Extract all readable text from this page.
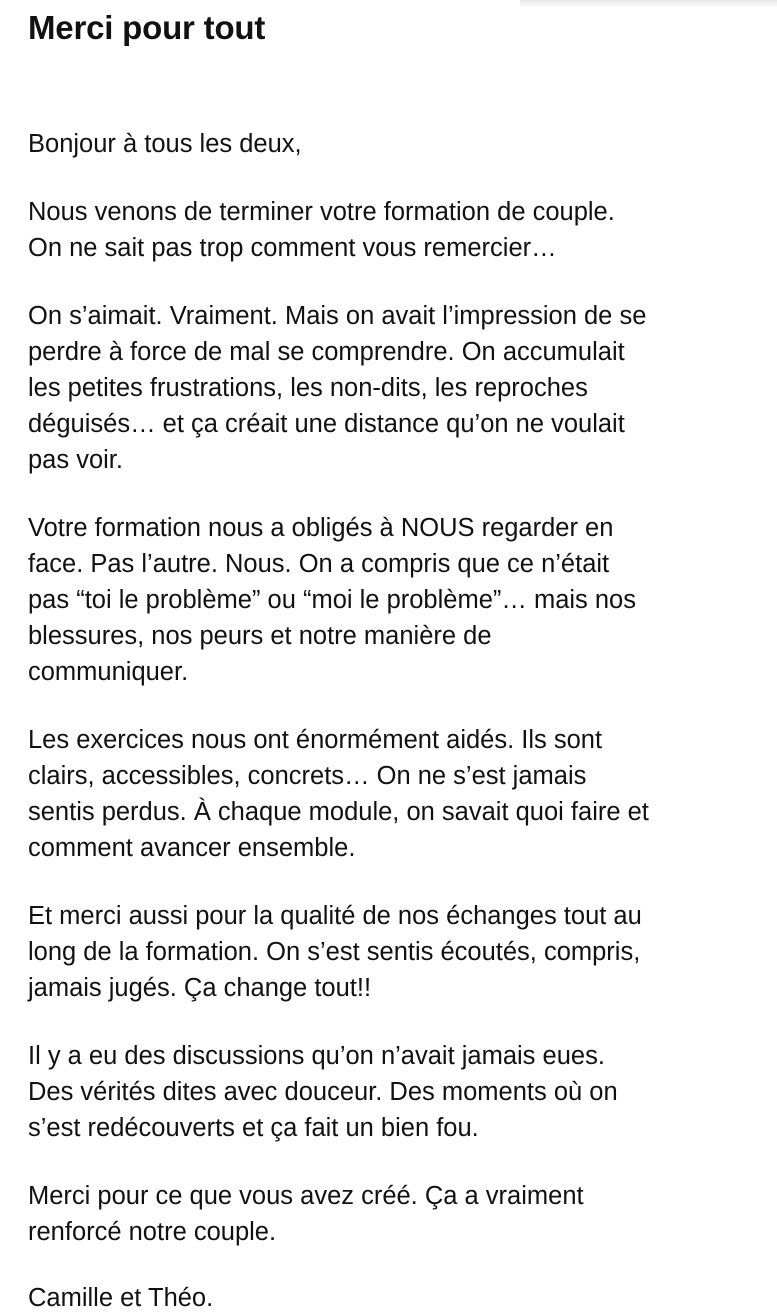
Merci pour tout

Bonjour à tous les deux,

Nous venons de terminer votre formation de couple.
On ne sait pas trop comment vous remercier…

On s’aimait. Vraiment. Mais on avait l’impression de se
perdre à force de mal se comprendre. On accumulait
les petites frustrations, les non-dits, les reproches
déguisés… et ça créait une distance qu’on ne voulait
pas voir.

Votre formation nous a obligés à NOUS regarder en
face. Pas l’autre. Nous. On a compris que ce n’était
pas “toi le problème” ou “moi le problème”… mais nos
blessures, nos peurs et notre manière de
communiquer.

Les exercices nous ont énormément aidés. Ils sont
clairs, accessibles, concrets… On ne s’est jamais
sentis perdus. À chaque module, on savait quoi faire et
comment avancer ensemble.

Et merci aussi pour la qualité de nos échanges tout au
long de la formation. On s’est sentis écoutés, compris,
jamais jugés. Ça change tout!!

Il y a eu des discussions qu’on n’avait jamais eues.
Des vérités dites avec douceur. Des moments où on
s’est redécouverts et ça fait un bien fou.

Merci pour ce que vous avez créé. Ça a vraiment
renforcé notre couple.

Camille et Théo.
